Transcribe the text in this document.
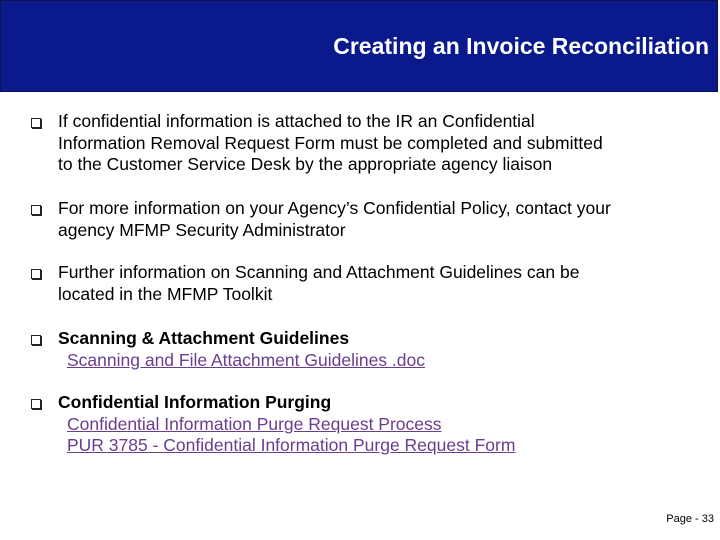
Creating an Invoice Reconciliation
If confidential information is attached to the IR an Confidential
Information Removal Request Form must be completed and submitted
to the Customer Service Desk by the appropriate agency liaison
For more information on your Agency’s Confidential Policy, contact your
agency MFMP Security Administrator
Further information on Scanning and Attachment Guidelines can be
located in the MFMP Toolkit
Scanning & Attachment Guidelines
Scanning and File Attachment Guidelines .doc
Confidential Information Purging
Confidential Information Purge Request Process
PUR 3785 - Confidential Information Purge Request Form
Page - 33
